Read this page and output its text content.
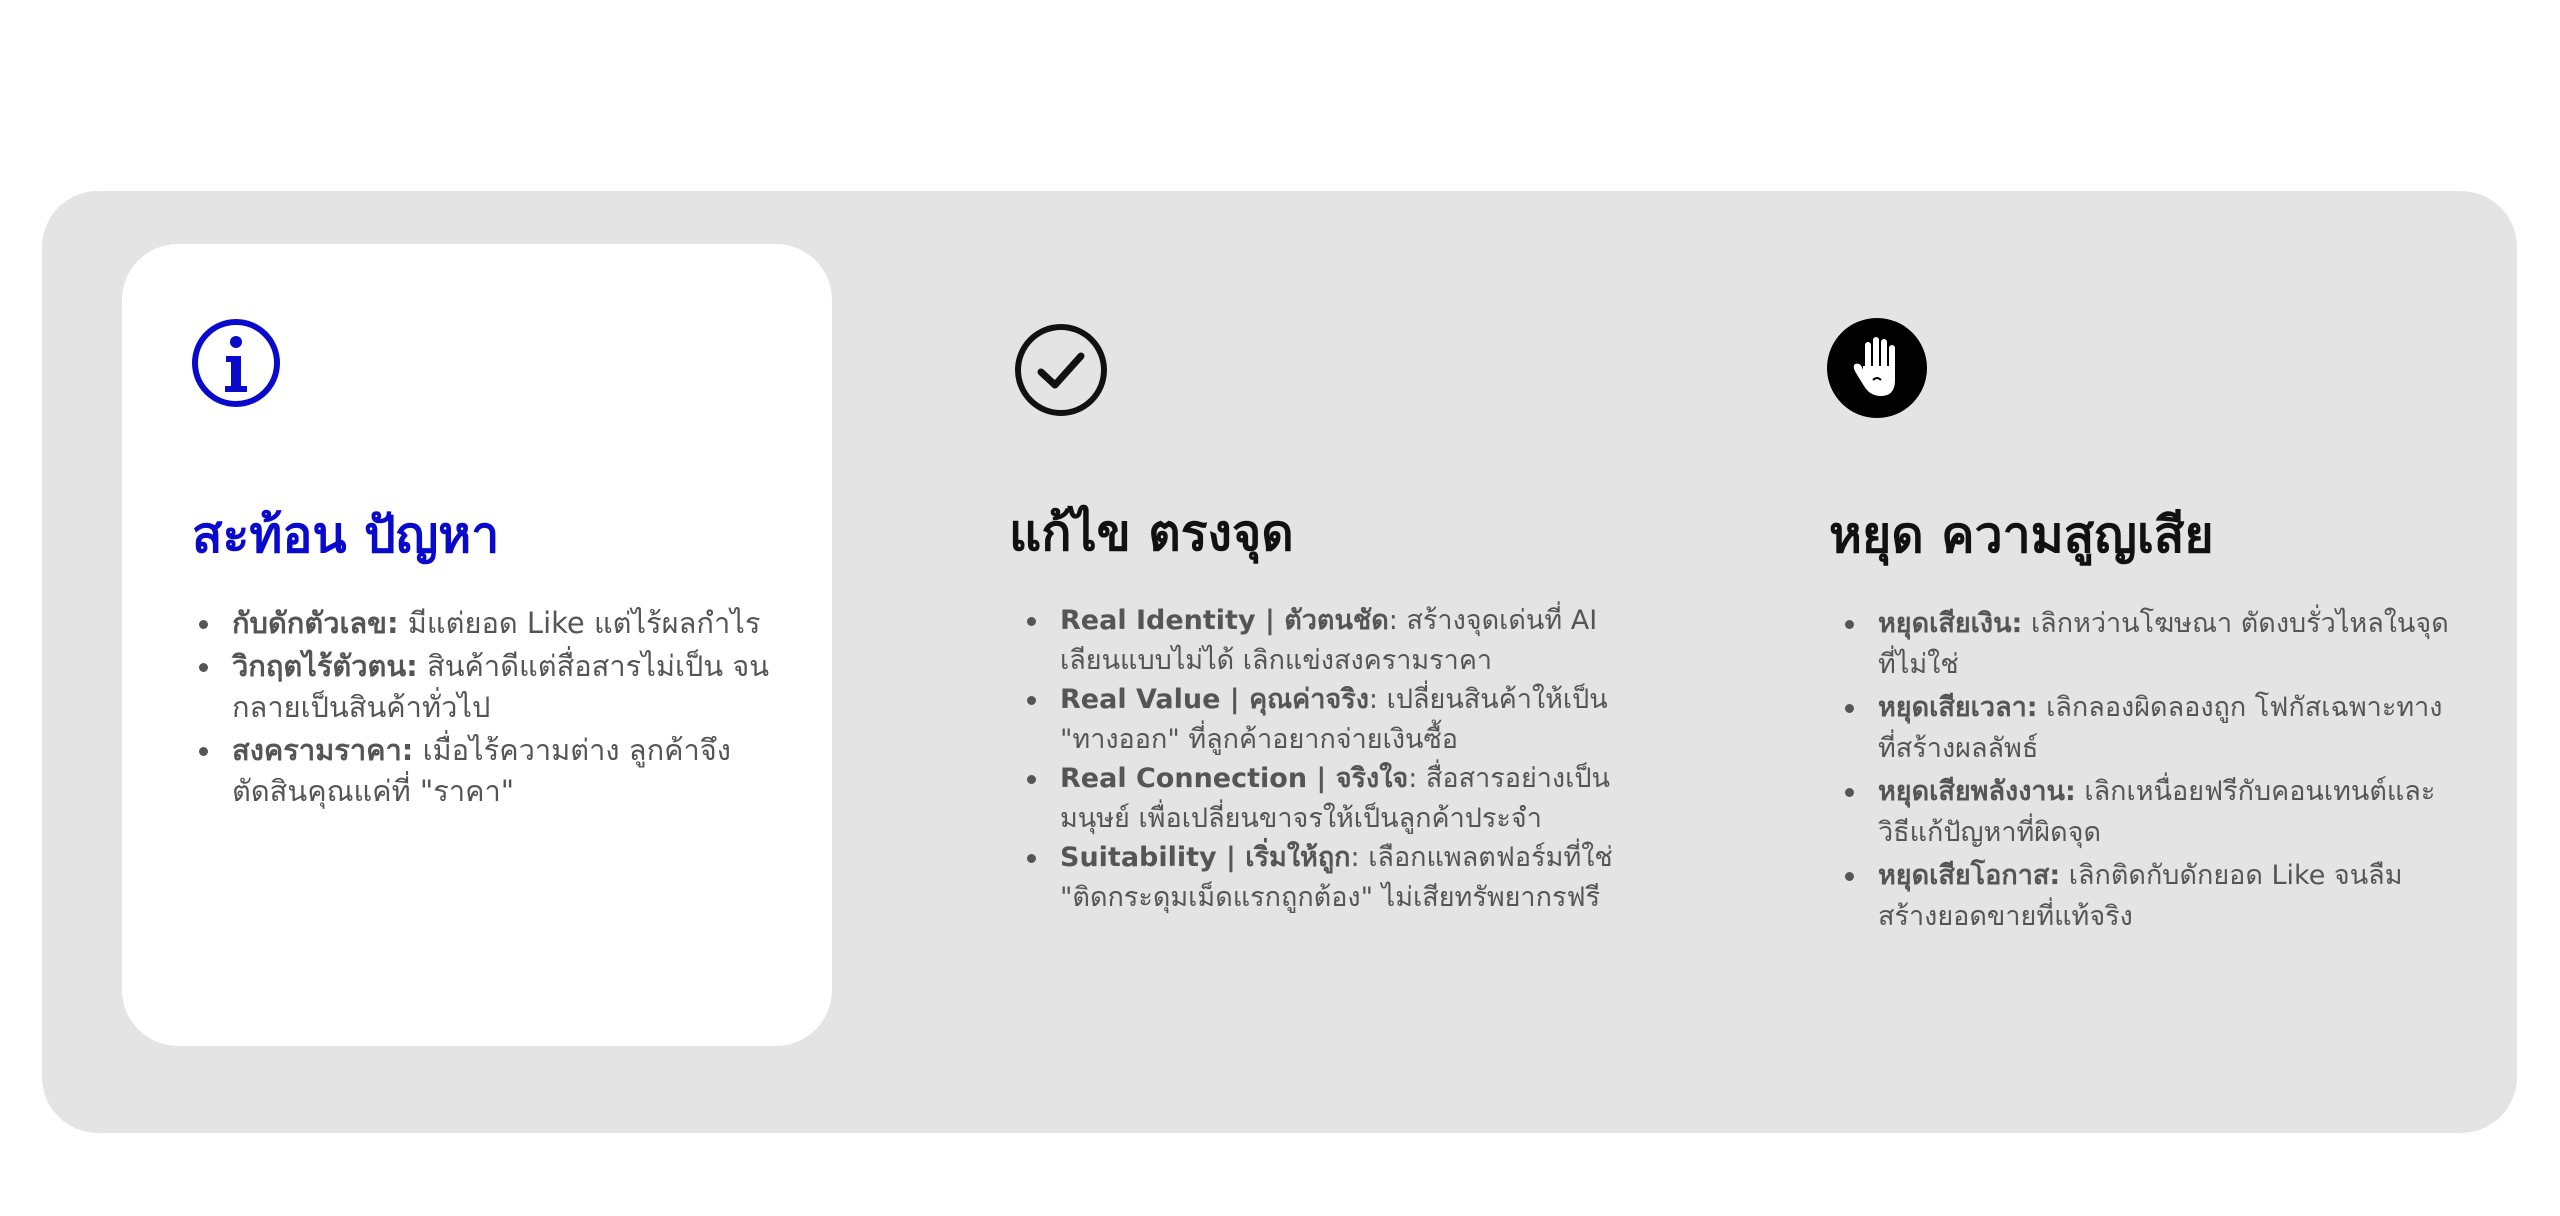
สะท้อน ปัญหา
กับดักตัวเลข: มีแต่ยอด Like แต่ไร้ผลกำไร
วิกฤตไร้ตัวตน: สินค้าดีแต่สื่อสารไม่เป็น จนกลายเป็นสินค้าทั่วไป
สงครามราคา: เมื่อไร้ความต่าง ลูกค้าจึงตัดสินคุณแค่ที่ "ราคา"
แก้ไข ตรงจุด
Real Identity | ตัวตนชัด: สร้างจุดเด่นที่ AI เลียนแบบไม่ได้ เลิกแข่งสงครามราคา
Real Value | คุณค่าจริง: เปลี่ยนสินค้าให้เป็น "ทางออก" ที่ลูกค้าอยากจ่ายเงินซื้อ
Real Connection | จริงใจ: สื่อสารอย่างเป็นมนุษย์ เพื่อเปลี่ยนขาจรให้เป็นลูกค้าประจำ
Suitability | เริ่มให้ถูก: เลือกแพลตฟอร์มที่ใช่ "ติดกระดุมเม็ดแรกถูกต้อง" ไม่เสียทรัพยากรฟรี
หยุด ความสูญเสีย
หยุดเสียเงิน: เลิกหว่านโฆษณา ตัดงบรั่วไหลในจุดที่ไม่ใช่
หยุดเสียเวลา: เลิกลองผิดลองถูก โฟกัสเฉพาะทางที่สร้างผลลัพธ์
หยุดเสียพลังงาน: เลิกเหนื่อยฟรีกับคอนเทนต์และวิธีแก้ปัญหาที่ผิดจุด
หยุดเสียโอกาส: เลิกติดกับดักยอด Like จนลืมสร้างยอดขายที่แท้จริง
